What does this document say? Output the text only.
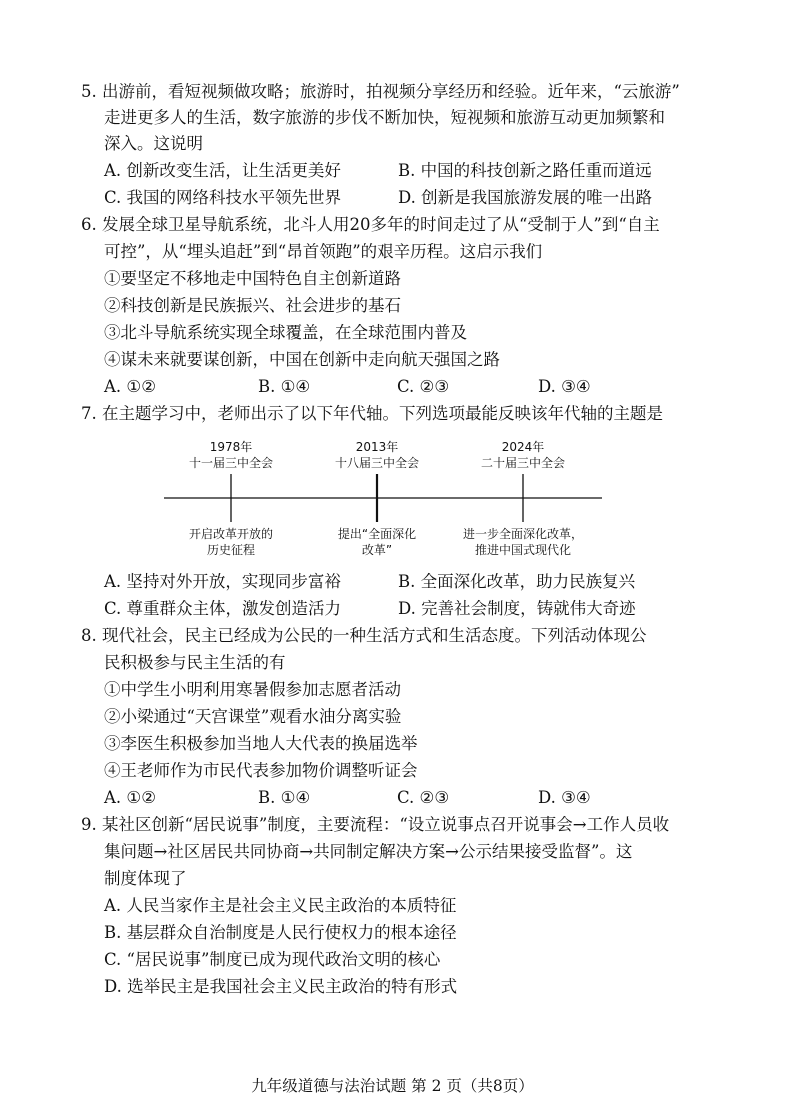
5. 出游前，看短视频做攻略；旅游时，拍视频分享经历和经验。近年来，“云旅游”
走进更多人的生活，数字旅游的步伐不断加快，短视频和旅游互动更加频繁和
深入。这说明
A. 创新改变生活，让生活更美好	B. 中国的科技创新之路任重而道远
C. 我国的网络科技水平领先世界	D. 创新是我国旅游发展的唯一出路
6. 发展全球卫星导航系统，北斗人用20多年的时间走过了从“受制于人”到“自主
可控”，从“埋头追赶”到“昂首领跑”的艰辛历程。这启示我们
①要坚定不移地走中国特色自主创新道路
②科技创新是民族振兴、社会进步的基石
③北斗导航系统实现全球覆盖，在全球范围内普及
④谋未来就要谋创新，中国在创新中走向航天强国之路
A. ①②	B. ①④	C. ②③	D. ③④
7. 在主题学习中，老师出示了以下年代轴。下列选项最能反映该年代轴的主题是
1978年
十一届三中全会
2013年
十八届三中全会
2024年
二十届三中全会
开启改革开放的
历史征程
提出“全面深化
改革”
进一步全面深化改革，
推进中国式现代化
A. 坚持对外开放，实现同步富裕	B. 全面深化改革，助力民族复兴
C. 尊重群众主体，激发创造活力	D. 完善社会制度，铸就伟大奇迹
8. 现代社会，民主已经成为公民的一种生活方式和生活态度。下列活动体现公
民积极参与民主生活的有
①中学生小明利用寒暑假参加志愿者活动
②小梁通过“天宫课堂”观看水油分离实验
③李医生积极参加当地人大代表的换届选举
④王老师作为市民代表参加物价调整听证会
A. ①②	B. ①④	C. ②③	D. ③④
9. 某社区创新“居民说事”制度，主要流程：“设立说事点召开说事会→工作人员收
集问题→社区居民共同协商→共同制定解决方案→公示结果接受监督”。这
制度体现了
A. 人民当家作主是社会主义民主政治的本质特征
B. 基层群众自治制度是人民行使权力的根本途径
C. “居民说事”制度已成为现代政治文明的核心
D. 选举民主是我国社会主义民主政治的特有形式
九年级道德与法治试题 第 2 页（共8页）
